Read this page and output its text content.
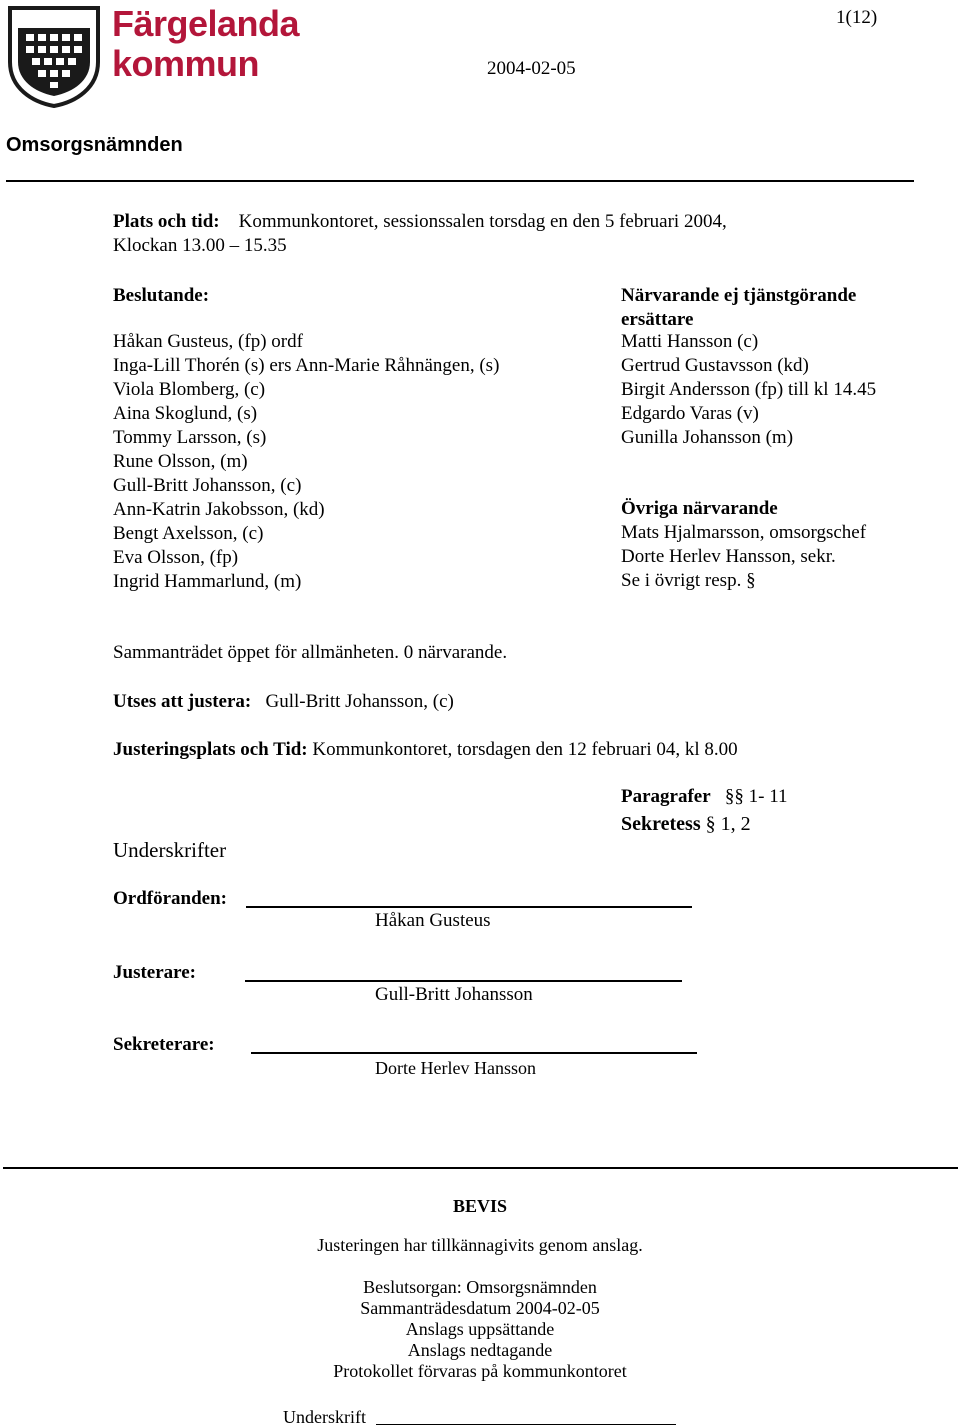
Färgelanda
kommun
1(12)
2004-02-05
Omsorgsnämnden
Plats och tid: Kommunkontoret, sessionssalen torsdag en den 5 februari 2004,
Klockan 13.00 – 15.35
Beslutande:
Håkan Gusteus, (fp) ordf
Inga-Lill Thorén (s) ers Ann-Marie Råhnängen, (s)
Viola Blomberg, (c)
Aina Skoglund, (s)
Tommy Larsson, (s)
Rune Olsson, (m)
Gull-Britt Johansson, (c)
Ann-Katrin Jakobsson, (kd)
Bengt Axelsson, (c)
Eva Olsson, (fp)
Ingrid Hammarlund, (m)
Närvarande ej tjänstgörande
ersättare
Matti Hansson (c)
Gertrud Gustavsson (kd)
Birgit Andersson (fp) till kl 14.45
Edgardo Varas (v)
Gunilla Johansson (m)
Övriga närvarande
Mats Hjalmarsson, omsorgschef
Dorte Herlev Hansson, sekr.
Se i övrigt resp. §
Sammanträdet öppet för allmänheten. 0 närvarande.
Utses att justera: Gull-Britt Johansson, (c)
Justeringsplats och Tid: Kommunkontoret, torsdagen den 12 februari 04, kl 8.00
Paragrafer §§ 1- 11
Sekretess § 1, 2
Underskrifter
Ordföranden:
Håkan Gusteus
Justerare:
Gull-Britt Johansson
Sekreterare:
Dorte Herlev Hansson
BEVIS
Justeringen har tillkännagivits genom anslag.
Beslutsorgan: Omsorgsnämnden
Sammanträdesdatum 2004-02-05
Anslags uppsättande
Anslags nedtagande
Protokollet förvaras på kommunkontoret
Underskrift
